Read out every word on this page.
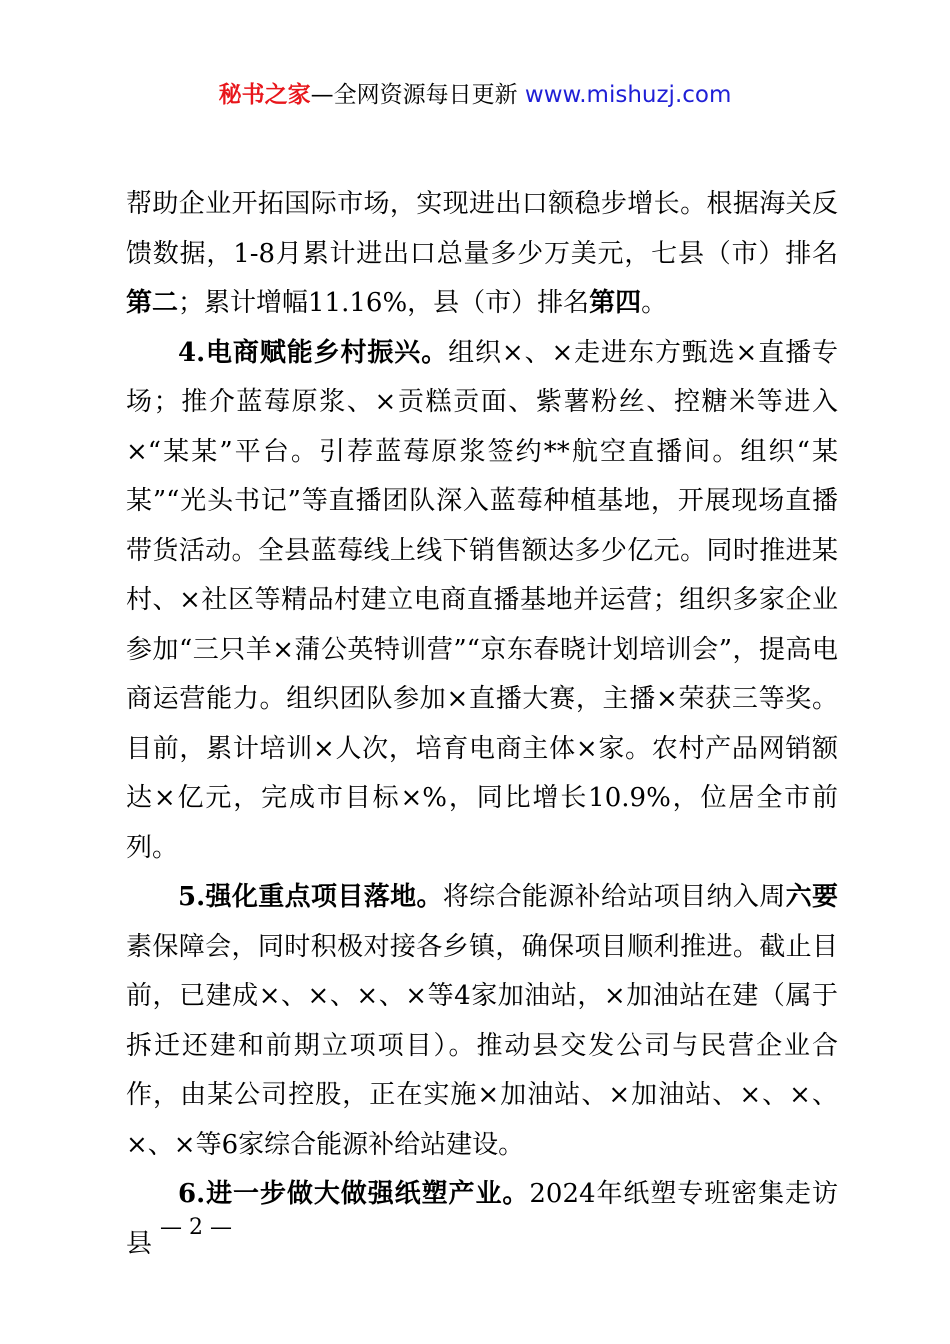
秘书之家—全网资源每日更新 www.mishuzj.com

帮助企业开拓国际市场，实现进出口额稳步增长。根据海关反馈数据，1-8月累计进出口总量多少万美元，七县（市）排名第二；累计增幅11.16%，县（市）排名第四。

4.电商赋能乡村振兴。组织×、×走进东方甄选×直播专场；推介蓝莓原浆、×贡糕贡面、紫薯粉丝、控糖米等进入×“某某”平台。引荐蓝莓原浆签约**航空直播间。组织“某某”“光头书记”等直播团队深入蓝莓种植基地，开展现场直播带货活动。全县蓝莓线上线下销售额达多少亿元。同时推进某村、×社区等精品村建立电商直播基地并运营；组织多家企业参加“三只羊×蒲公英特训营”“京东春晓计划培训会”，提高电商运营能力。组织团队参加×直播大赛，主播×荣获三等奖。目前，累计培训×人次，培育电商主体×家。农村产品网销额达×亿元，完成市目标×%，同比增长10.9%，位居全市前列。

5.强化重点项目落地。将综合能源补给站项目纳入周六要素保障会，同时积极对接各乡镇，确保项目顺利推进。截止目前，已建成×、×、×、×等4家加油站，×加油站在建（属于拆迁还建和前期立项项目）。推动县交发公司与民营企业合作，由某公司控股，正在实施×加油站、×加油站、×、×、×、×等6家综合能源补给站建设。

6.进一步做大做强纸塑产业。2024年纸塑专班密集走访县

— 2 —
